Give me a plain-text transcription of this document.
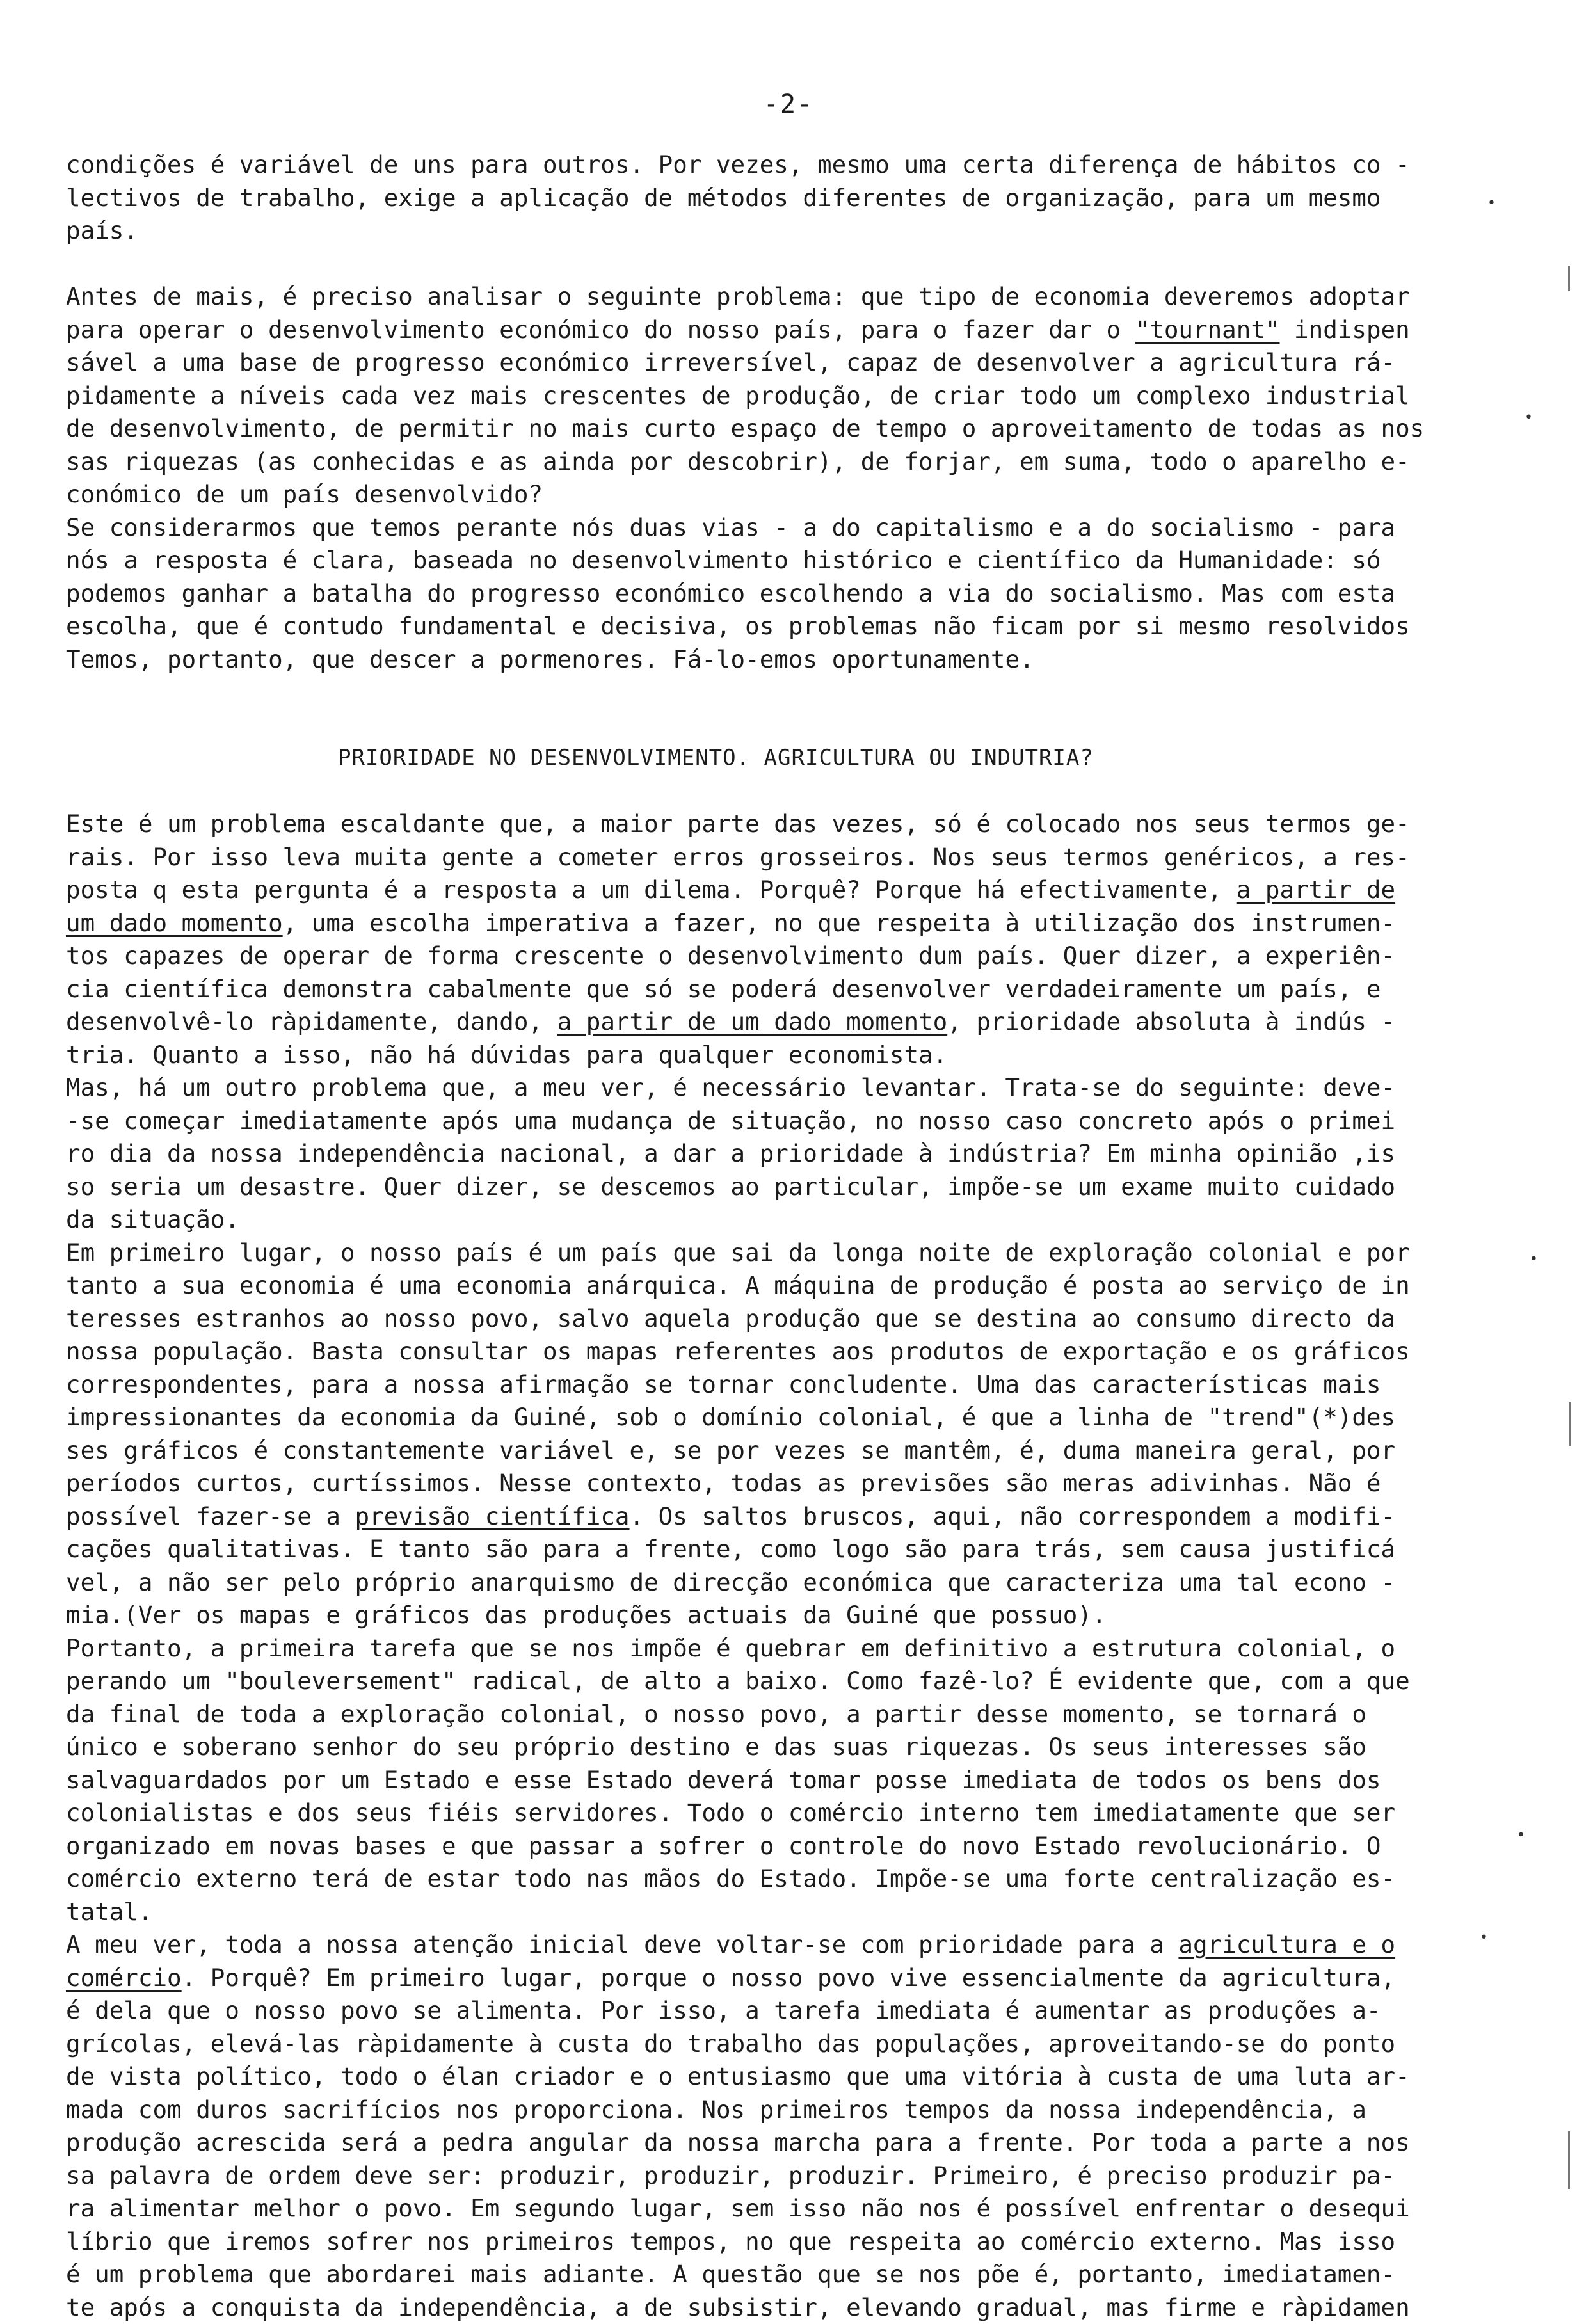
-2-
condições é variável de uns para outros. Por vezes, mesmo uma certa diferença de hábitos co -
lectivos de trabalho, exige a aplicação de métodos diferentes de organização, para um mesmo
país.
Antes de mais, é preciso analisar o seguinte problema: que tipo de economia deveremos adoptar
para operar o desenvolvimento económico do nosso país, para o fazer dar o "tournant" indispen
sável a uma base de progresso económico irreversível, capaz de desenvolver a agricultura rá-
pidamente a níveis cada vez mais crescentes de produção, de criar todo um complexo industrial
de desenvolvimento, de permitir no mais curto espaço de tempo o aproveitamento de todas as nos
sas riquezas (as conhecidas e as ainda por descobrir), de forjar, em suma, todo o aparelho e-
conómico de um país desenvolvido?
Se considerarmos que temos perante nós duas vias - a do capitalismo e a do socialismo - para
nós a resposta é clara, baseada no desenvolvimento histórico e científico da Humanidade: só
podemos ganhar a batalha do progresso económico escolhendo a via do socialismo. Mas com esta
escolha, que é contudo fundamental e decisiva, os problemas não ficam por si mesmo resolvidos
Temos, portanto, que descer a pormenores. Fá-lo-emos oportunamente.
PRIORIDADE NO DESENVOLVIMENTO. AGRICULTURA OU INDUTRIA?
Este é um problema escaldante que, a maior parte das vezes, só é colocado nos seus termos ge-
rais. Por isso leva muita gente a cometer erros grosseiros. Nos seus termos genéricos, a res-
posta q esta pergunta é a resposta a um dilema. Porquê? Porque há efectivamente, a partir de
um dado momento, uma escolha imperativa a fazer, no que respeita à utilização dos instrumen-
tos capazes de operar de forma crescente o desenvolvimento dum país. Quer dizer, a experiên-
cia científica demonstra cabalmente que só se poderá desenvolver verdadeiramente um país, e
desenvolvê-lo ràpidamente, dando, a partir de um dado momento, prioridade absoluta à indús -
tria. Quanto a isso, não há dúvidas para qualquer economista.
Mas, há um outro problema que, a meu ver, é necessário levantar. Trata-se do seguinte: deve-
-se começar imediatamente após uma mudança de situação, no nosso caso concreto após o primei
ro dia da nossa independência nacional, a dar a prioridade à indústria? Em minha opinião ,is
so seria um desastre. Quer dizer, se descemos ao particular, impõe-se um exame muito cuidado
da situação.
Em primeiro lugar, o nosso país é um país que sai da longa noite de exploração colonial e por
tanto a sua economia é uma economia anárquica. A máquina de produção é posta ao serviço de in
teresses estranhos ao nosso povo, salvo aquela produção que se destina ao consumo directo da
nossa população. Basta consultar os mapas referentes aos produtos de exportação e os gráficos
correspondentes, para a nossa afirmação se tornar concludente. Uma das características mais
impressionantes da economia da Guiné, sob o domínio colonial, é que a linha de "trend"(*)des
ses gráficos é constantemente variável e, se por vezes se mantêm, é, duma maneira geral, por
períodos curtos, curtíssimos. Nesse contexto, todas as previsões são meras adivinhas. Não é
possível fazer-se a previsão científica. Os saltos bruscos, aqui, não correspondem a modifi-
cações qualitativas. E tanto são para a frente, como logo são para trás, sem causa justificá
vel, a não ser pelo próprio anarquismo de direcção económica que caracteriza uma tal econo -
mia.(Ver os mapas e gráficos das produções actuais da Guiné que possuo).
Portanto, a primeira tarefa que se nos impõe é quebrar em definitivo a estrutura colonial, o
perando um "bouleversement" radical, de alto a baixo. Como fazê-lo? É evidente que, com a que
da final de toda a exploração colonial, o nosso povo, a partir desse momento, se tornará o
único e soberano senhor do seu próprio destino e das suas riquezas. Os seus interesses são
salvaguardados por um Estado e esse Estado deverá tomar posse imediata de todos os bens dos
colonialistas e dos seus fiéis servidores. Todo o comércio interno tem imediatamente que ser
organizado em novas bases e que passar a sofrer o controle do novo Estado revolucionário. O
comércio externo terá de estar todo nas mãos do Estado. Impõe-se uma forte centralização es-
tatal.
A meu ver, toda a nossa atenção inicial deve voltar-se com prioridade para a agricultura e o
comércio. Porquê? Em primeiro lugar, porque o nosso povo vive essencialmente da agricultura,
é dela que o nosso povo se alimenta. Por isso, a tarefa imediata é aumentar as produções a-
grícolas, elevá-las ràpidamente à custa do trabalho das populações, aproveitando-se do ponto
de vista político, todo o élan criador e o entusiasmo que uma vitória à custa de uma luta ar-
mada com duros sacrifícios nos proporciona. Nos primeiros tempos da nossa independência, a
produção acrescida será a pedra angular da nossa marcha para a frente. Por toda a parte a nos
sa palavra de ordem deve ser: produzir, produzir, produzir. Primeiro, é preciso produzir pa-
ra alimentar melhor o povo. Em segundo lugar, sem isso não nos é possível enfrentar o desequi
líbrio que iremos sofrer nos primeiros tempos, no que respeita ao comércio externo. Mas isso
é um problema que abordarei mais adiante. A questão que se nos põe é, portanto, imediatamen-
te após a conquista da independência, a de subsistir, elevando gradual, mas firme e ràpidamen
•
•
•
•
•
